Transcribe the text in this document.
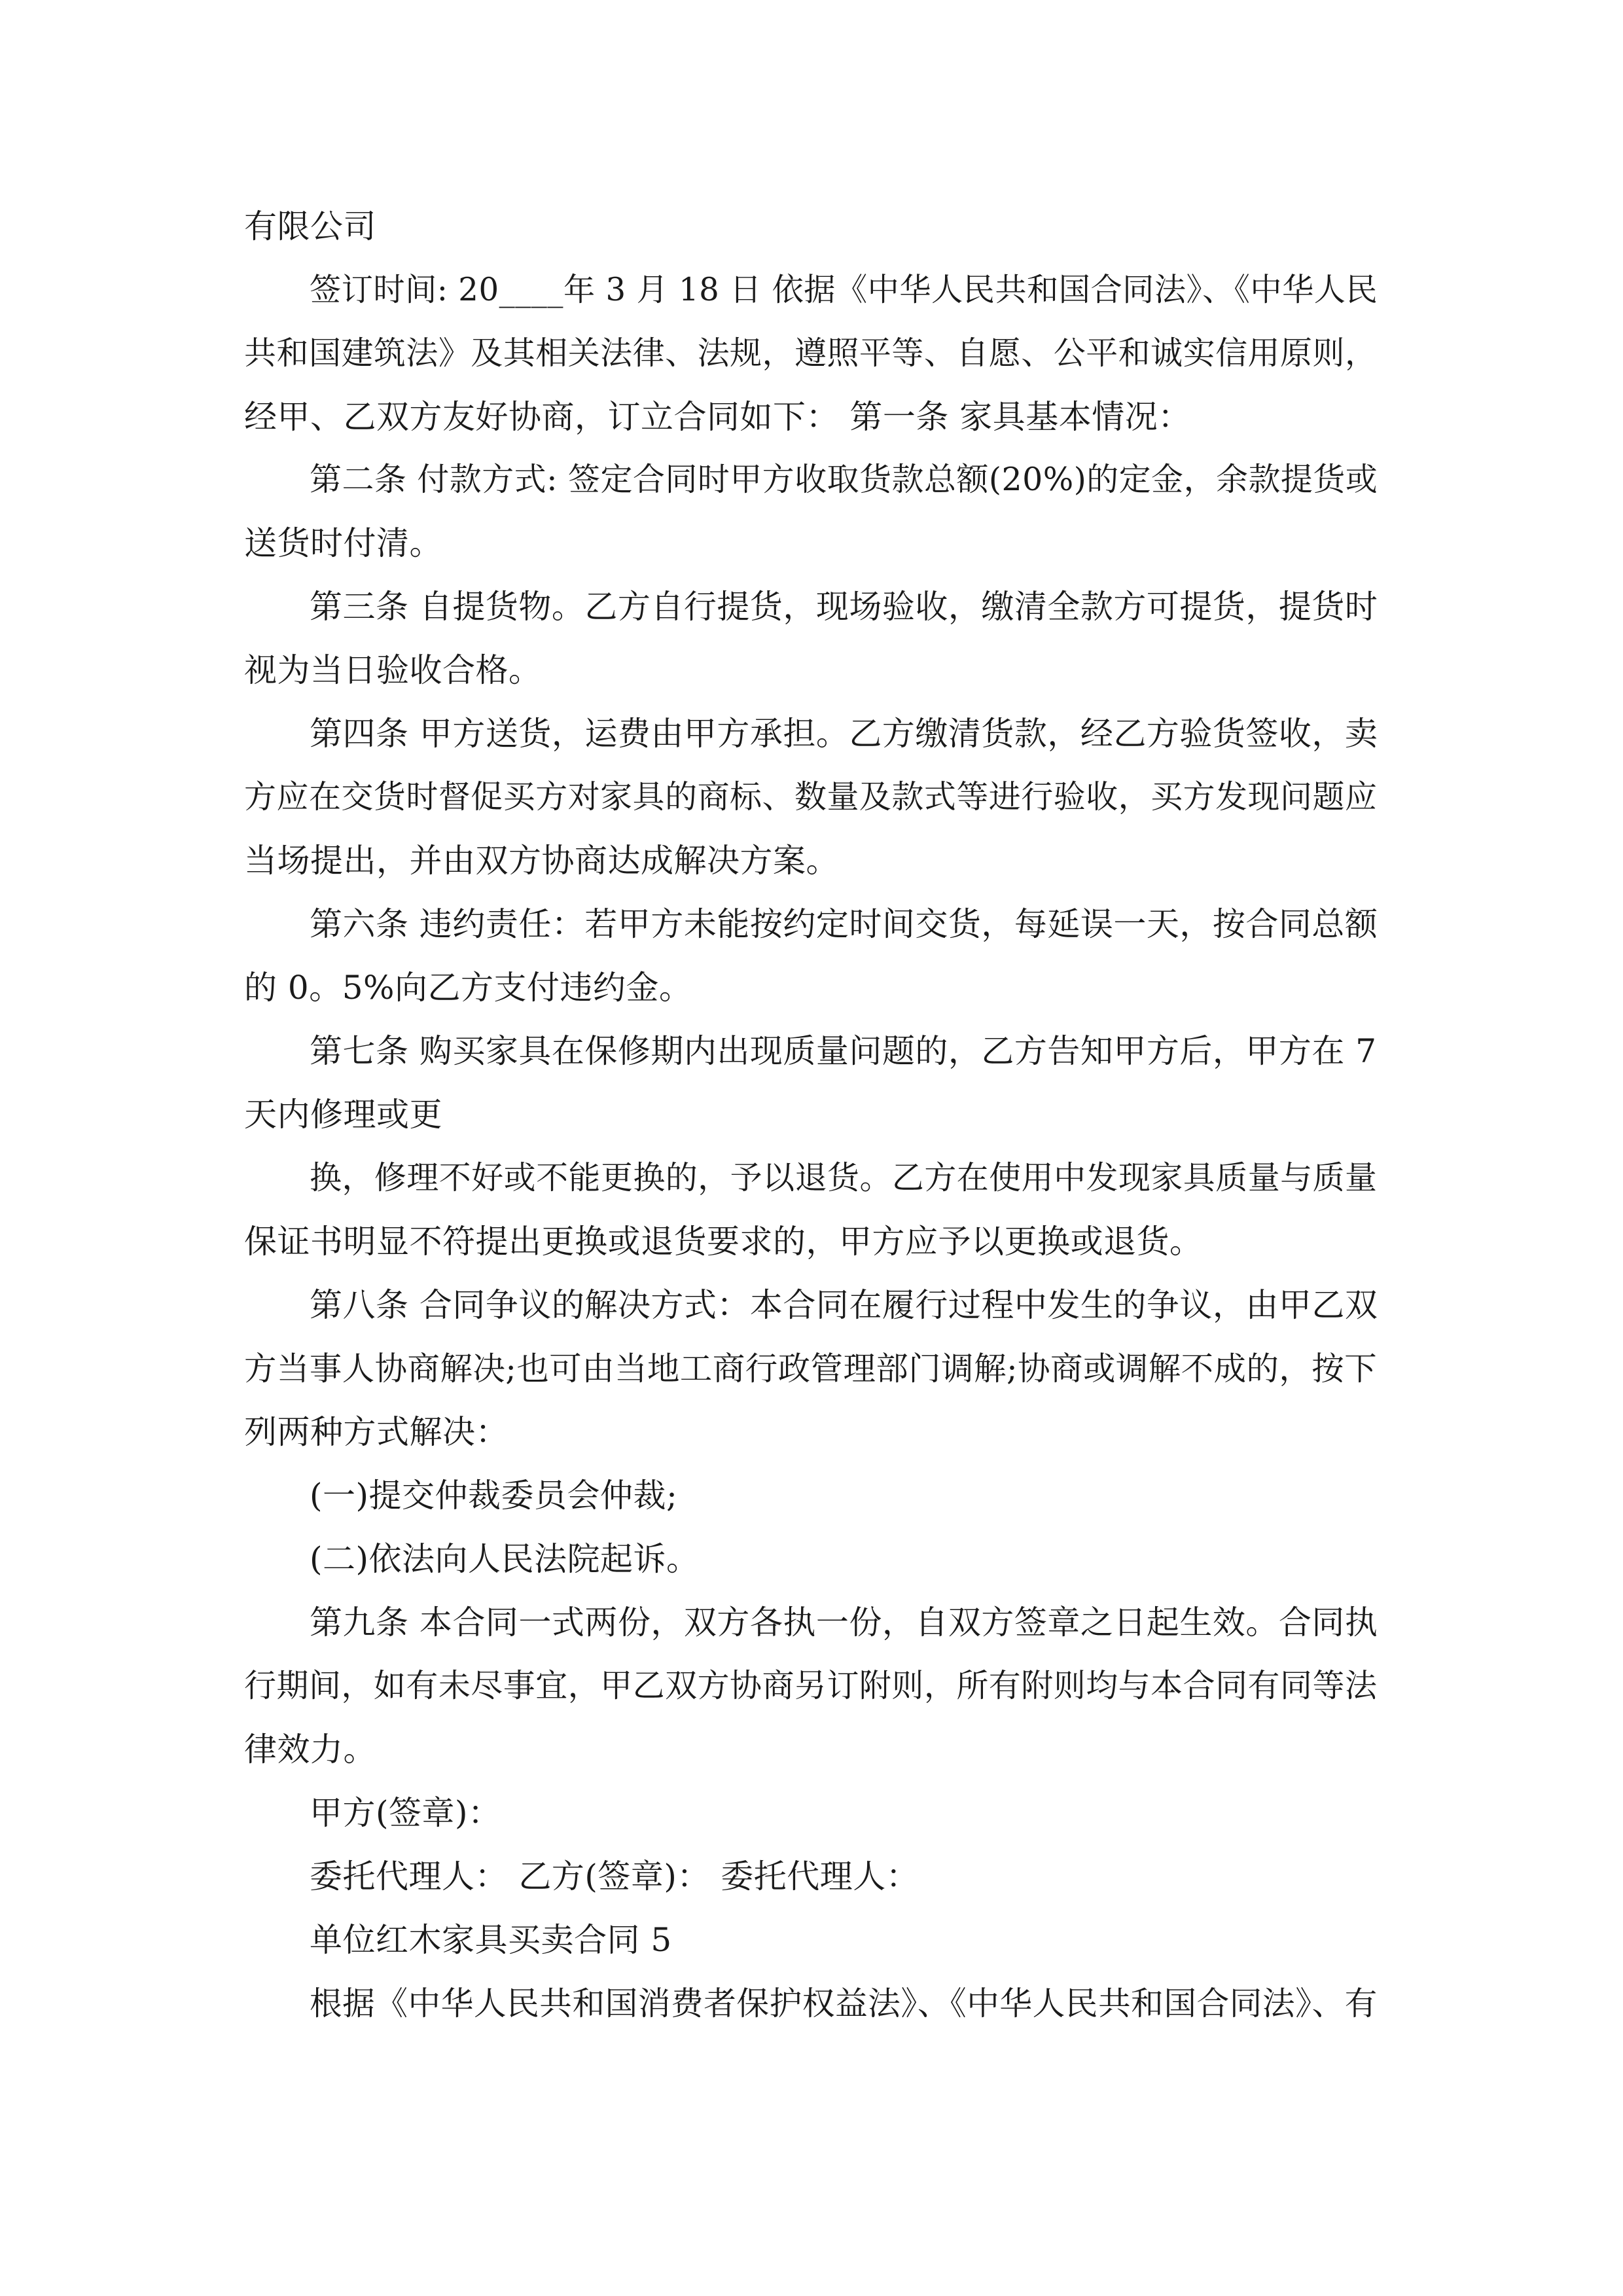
有限公司
签订时间: 20____年 3 月 18 日 依据《中华人民共和国合同法》、《中华人民
共和国建筑法》及其相关法律、法规，遵照平等、自愿、公平和诚实信用原则，
经甲、乙双方友好协商，订立合同如下： 第一条 家具基本情况：
第二条 付款方式: 签定合同时甲方收取货款总额(20%)的定金，余款提货或
送货时付清。
第三条 自提货物。乙方自行提货，现场验收，缴清全款方可提货，提货时
视为当日验收合格。
第四条 甲方送货，运费由甲方承担。乙方缴清货款，经乙方验货签收，卖
方应在交货时督促买方对家具的商标、数量及款式等进行验收，买方发现问题应
当场提出，并由双方协商达成解决方案。
第六条 违约责任：若甲方未能按约定时间交货，每延误一天，按合同总额
的 0。5%向乙方支付违约金。
第七条 购买家具在保修期内出现质量问题的，乙方告知甲方后，甲方在 7
天内修理或更
换，修理不好或不能更换的，予以退货。乙方在使用中发现家具质量与质量
保证书明显不符提出更换或退货要求的，甲方应予以更换或退货。
第八条 合同争议的解决方式：本合同在履行过程中发生的争议，由甲乙双
方当事人协商解决;也可由当地工商行政管理部门调解;协商或调解不成的，按下
列两种方式解决：
(一)提交仲裁委员会仲裁;
(二)依法向人民法院起诉。
第九条 本合同一式两份，双方各执一份，自双方签章之日起生效。合同执
行期间，如有未尽事宜，甲乙双方协商另订附则，所有附则均与本合同有同等法
律效力。
甲方(签章)：
委托代理人： 乙方(签章)： 委托代理人：
单位红木家具买卖合同 5
根据《中华人民共和国消费者保护权益法》、《中华人民共和国合同法》、有
